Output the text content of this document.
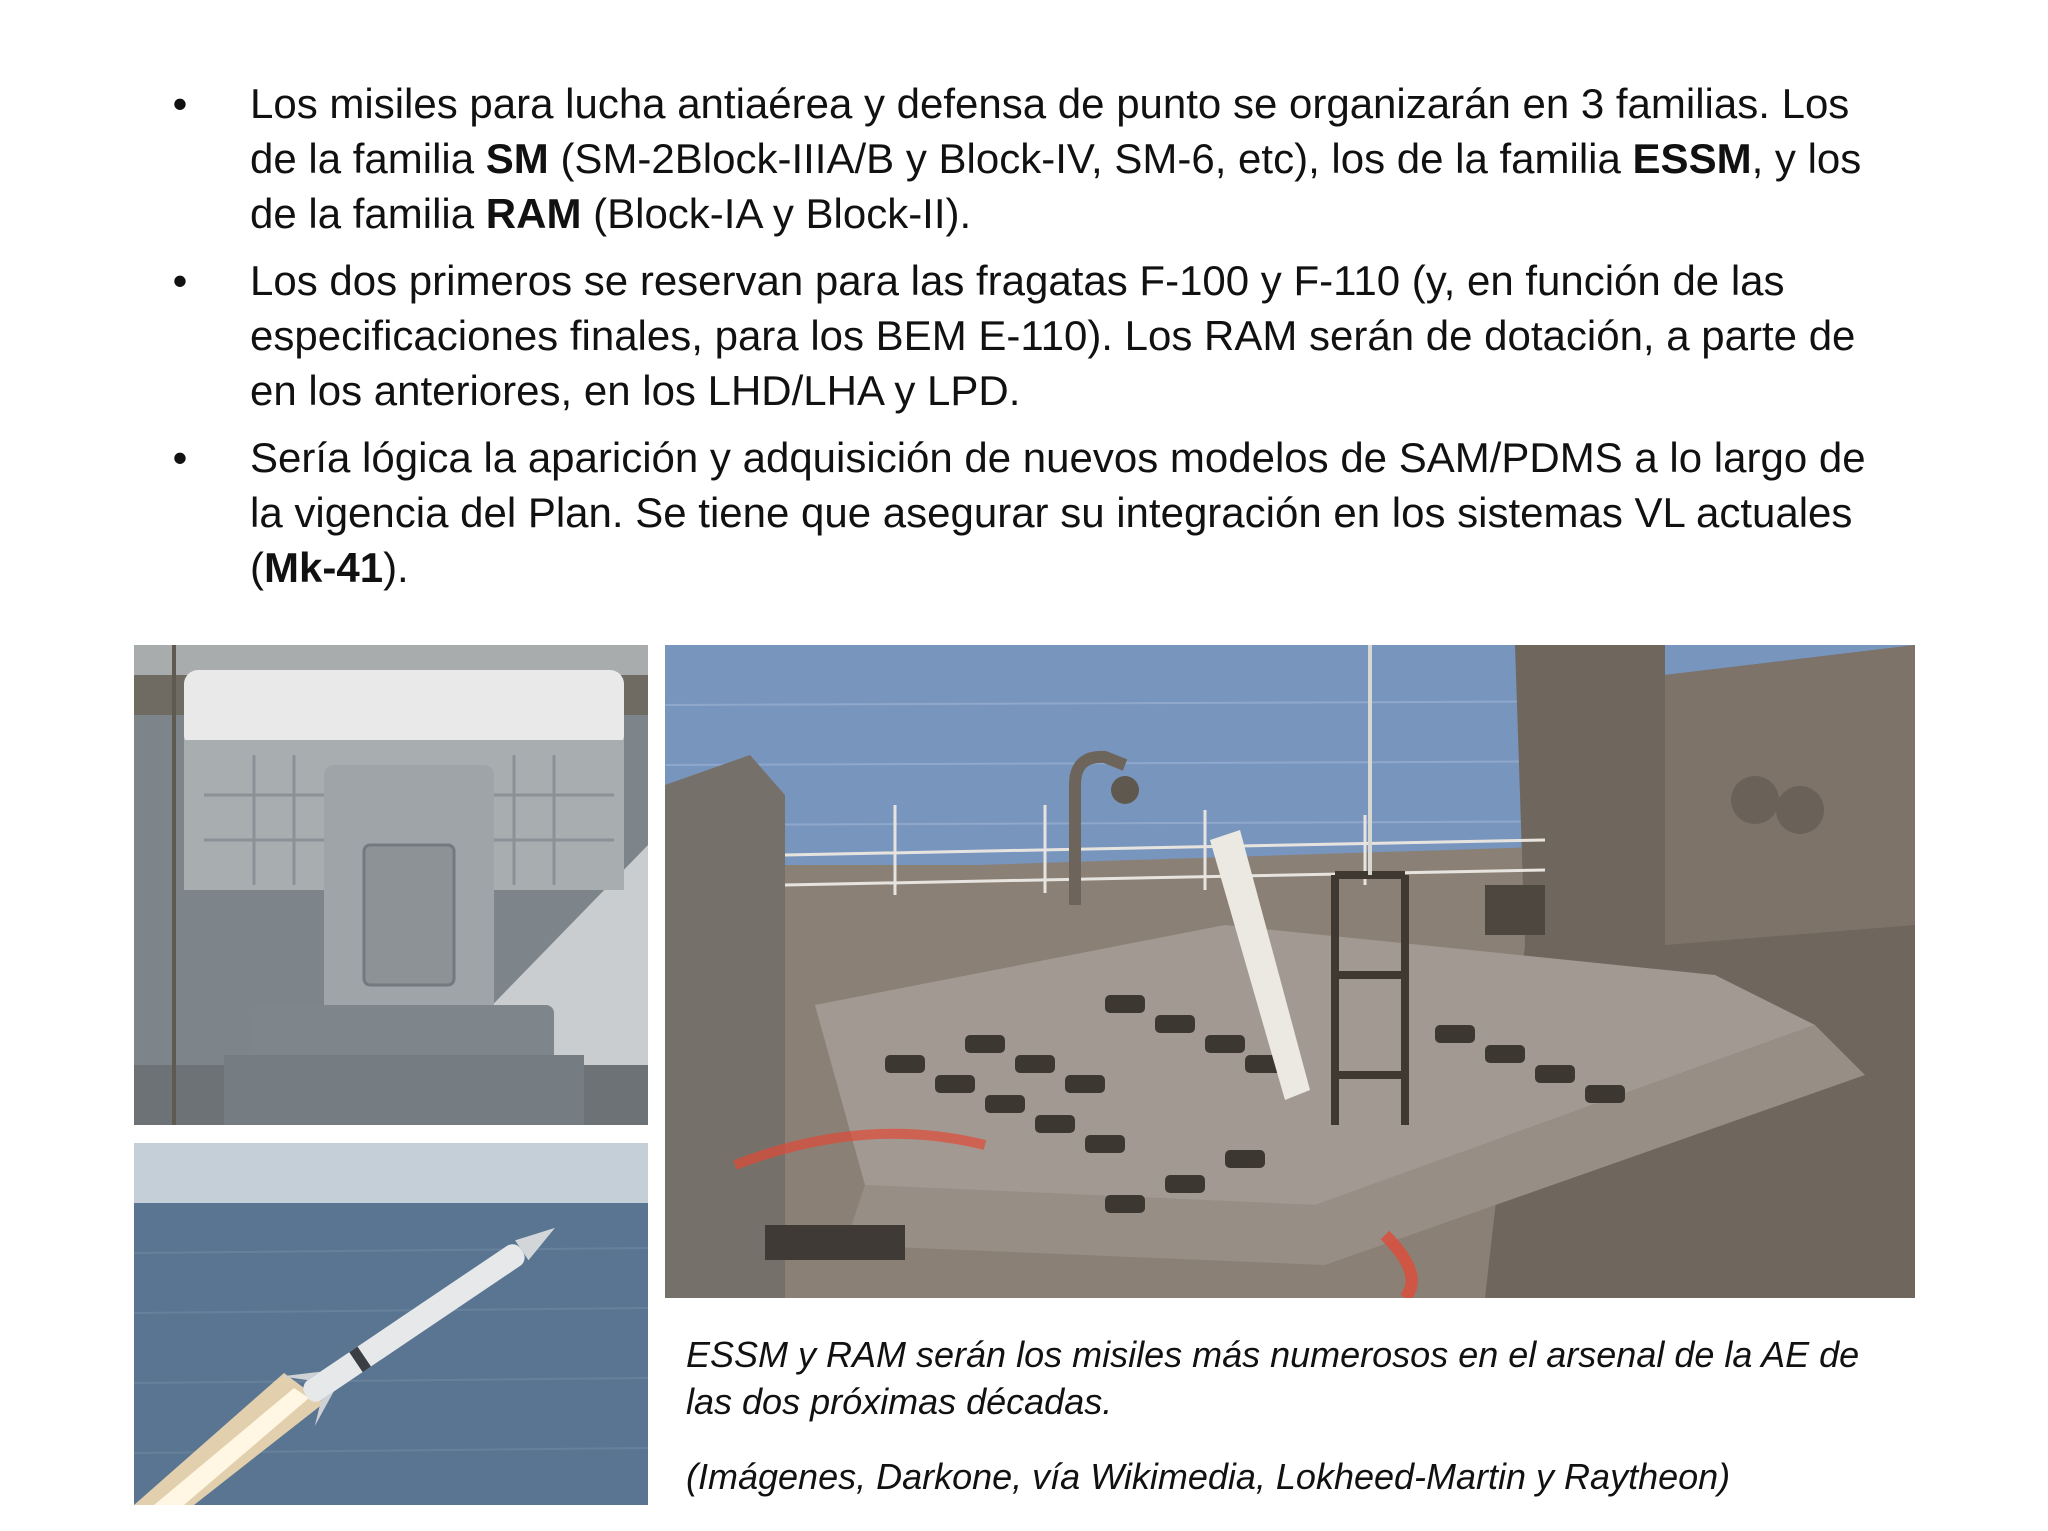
• Los misiles para lucha antiaérea y defensa de punto se organizarán en 3 familias. Los de la familia SM (SM-2Block-IIIA/B y Block-IV, SM-6, etc), los de la familia ESSM, y los de la familia RAM (Block-IA y Block-II).
• Los dos primeros se reservan para las fragatas F-100 y F-110 (y, en función de las especificaciones finales, para los BEM E-110). Los RAM serán de dotación, a parte de en los anteriores, en los LHD/LHA y LPD.
• Sería lógica la aparición y adquisición de nuevos modelos de SAM/PDMS a lo largo de la vigencia del Plan. Se tiene que asegurar su integración en los sistemas VL actuales (Mk-41).

ESSM y RAM serán los misiles más numerosos en el arsenal de la AE de las dos próximas décadas.

(Imágenes, Darkone, vía Wikimedia, Lokheed-Martin y Raytheon)
